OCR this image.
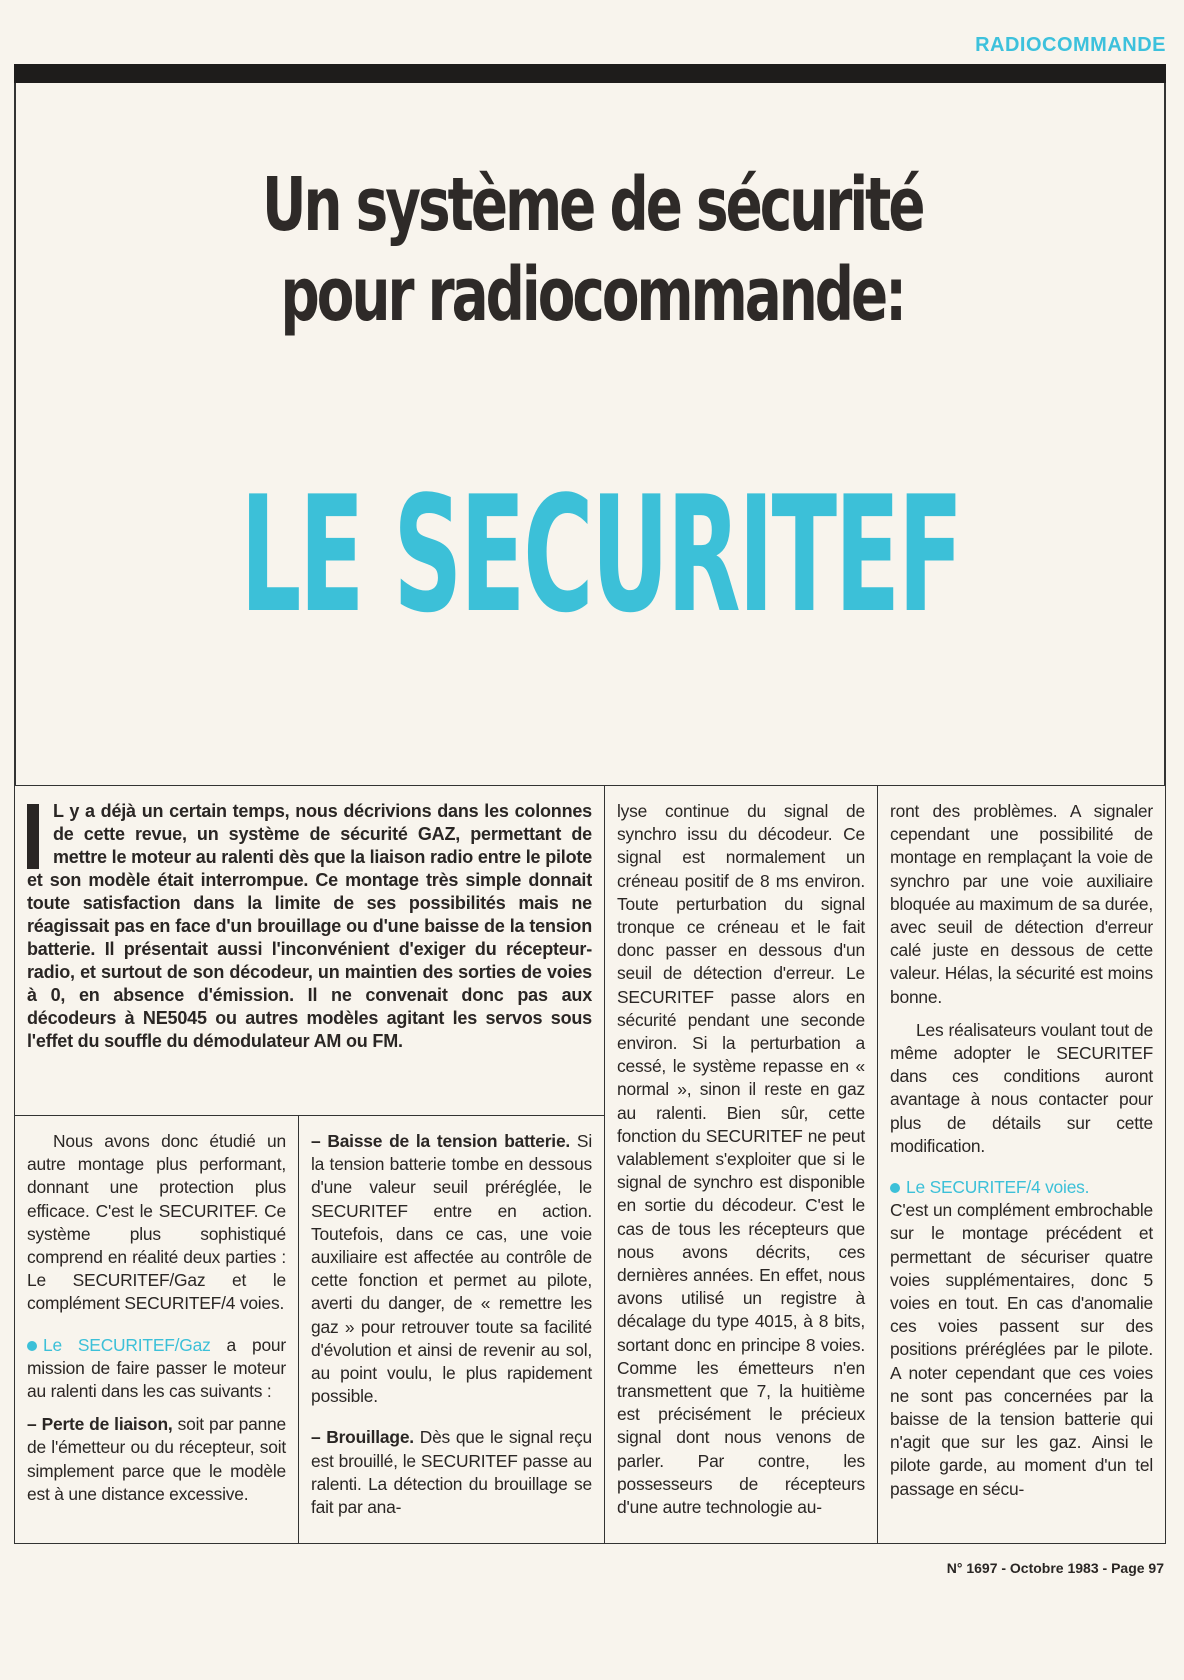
RADIOCOMMANDE
Un système de sécurité
pour radiocommande:
LE SECURITEF
L y a déjà un certain temps, nous décrivions dans les colonnes de cette revue, un système de sécurité GAZ, permettant de mettre le moteur au ralenti dès que la liaison radio entre le pilote et son modèle était interrompue. Ce montage très simple donnait toute satisfaction dans la limite de ses possibilités mais ne réagissait pas en face d'un brouillage ou d'une baisse de la tension batterie. Il présentait aussi l'inconvénient d'exiger du récepteur-radio, et surtout de son décodeur, un maintien des sorties de voies à 0, en absence d'émission. Il ne convenait donc pas aux décodeurs à NE5045 ou autres modèles agitant les servos sous l'effet du souffle du démodulateur AM ou FM.

Nous avons donc étudié un autre montage plus performant, donnant une protection plus efficace. C'est le SECURITEF. Ce système plus sophistiqué comprend en réalité deux parties : Le SECURITEF/Gaz et le complément SECURITEF/4 voies.

Le SECURITEF/Gaz a pour mission de faire passer le moteur au ralenti dans les cas suivants :

– Perte de liaison, soit par panne de l'émetteur ou du récepteur, soit simplement parce que le modèle est à une distance excessive.

– Baisse de la tension batterie. Si la tension batterie tombe en dessous d'une valeur seuil préréglée, le SECURITEF entre en action. Toutefois, dans ce cas, une voie auxiliaire est affectée au contrôle de cette fonction et permet au pilote, averti du danger, de « remettre les gaz » pour retrouver toute sa facilité d'évolution et ainsi de revenir au sol, au point voulu, le plus rapidement possible.

– Brouillage. Dès que le signal reçu est brouillé, le SECURITEF passe au ralenti. La détection du brouillage se fait par ana-

lyse continue du signal de synchro issu du décodeur. Ce signal est normalement un créneau positif de 8 ms environ. Toute perturbation du signal tronque ce créneau et le fait donc passer en dessous d'un seuil de détection d'erreur. Le SECURITEF passe alors en sécurité pendant une seconde environ. Si la perturbation a cessé, le système repasse en « normal », sinon il reste en gaz au ralenti. Bien sûr, cette fonction du SECURITEF ne peut valablement s'exploiter que si le signal de synchro est disponible en sortie du décodeur. C'est le cas de tous les récepteurs que nous avons décrits, ces dernières années. En effet, nous avons utilisé un registre à décalage du type 4015, à 8 bits, sortant donc en principe 8 voies. Comme les émetteurs n'en transmettent que 7, la huitième est précisément le précieux signal dont nous venons de parler. Par contre, les possesseurs de récepteurs d'une autre technologie au-

ront des problèmes. A signaler cependant une possibilité de montage en remplaçant la voie de synchro par une voie auxiliaire bloquée au maximum de sa durée, avec seuil de détection d'erreur calé juste en dessous de cette valeur. Hélas, la sécurité est moins bonne.

Les réalisateurs voulant tout de même adopter le SECURITEF dans ces conditions auront avantage à nous contacter pour plus de détails sur cette modification.

Le SECURITEF/4 voies.

C'est un complément embrochable sur le montage précédent et permettant de sécuriser quatre voies supplémentaires, donc 5 voies en tout. En cas d'anomalie ces voies passent sur des positions préréglées par le pilote. A noter cependant que ces voies ne sont pas concernées par la baisse de la tension batterie qui n'agit que sur les gaz. Ainsi le pilote garde, au moment d'un tel passage en sécu-

N° 1697 - Octobre 1983 - Page 97
